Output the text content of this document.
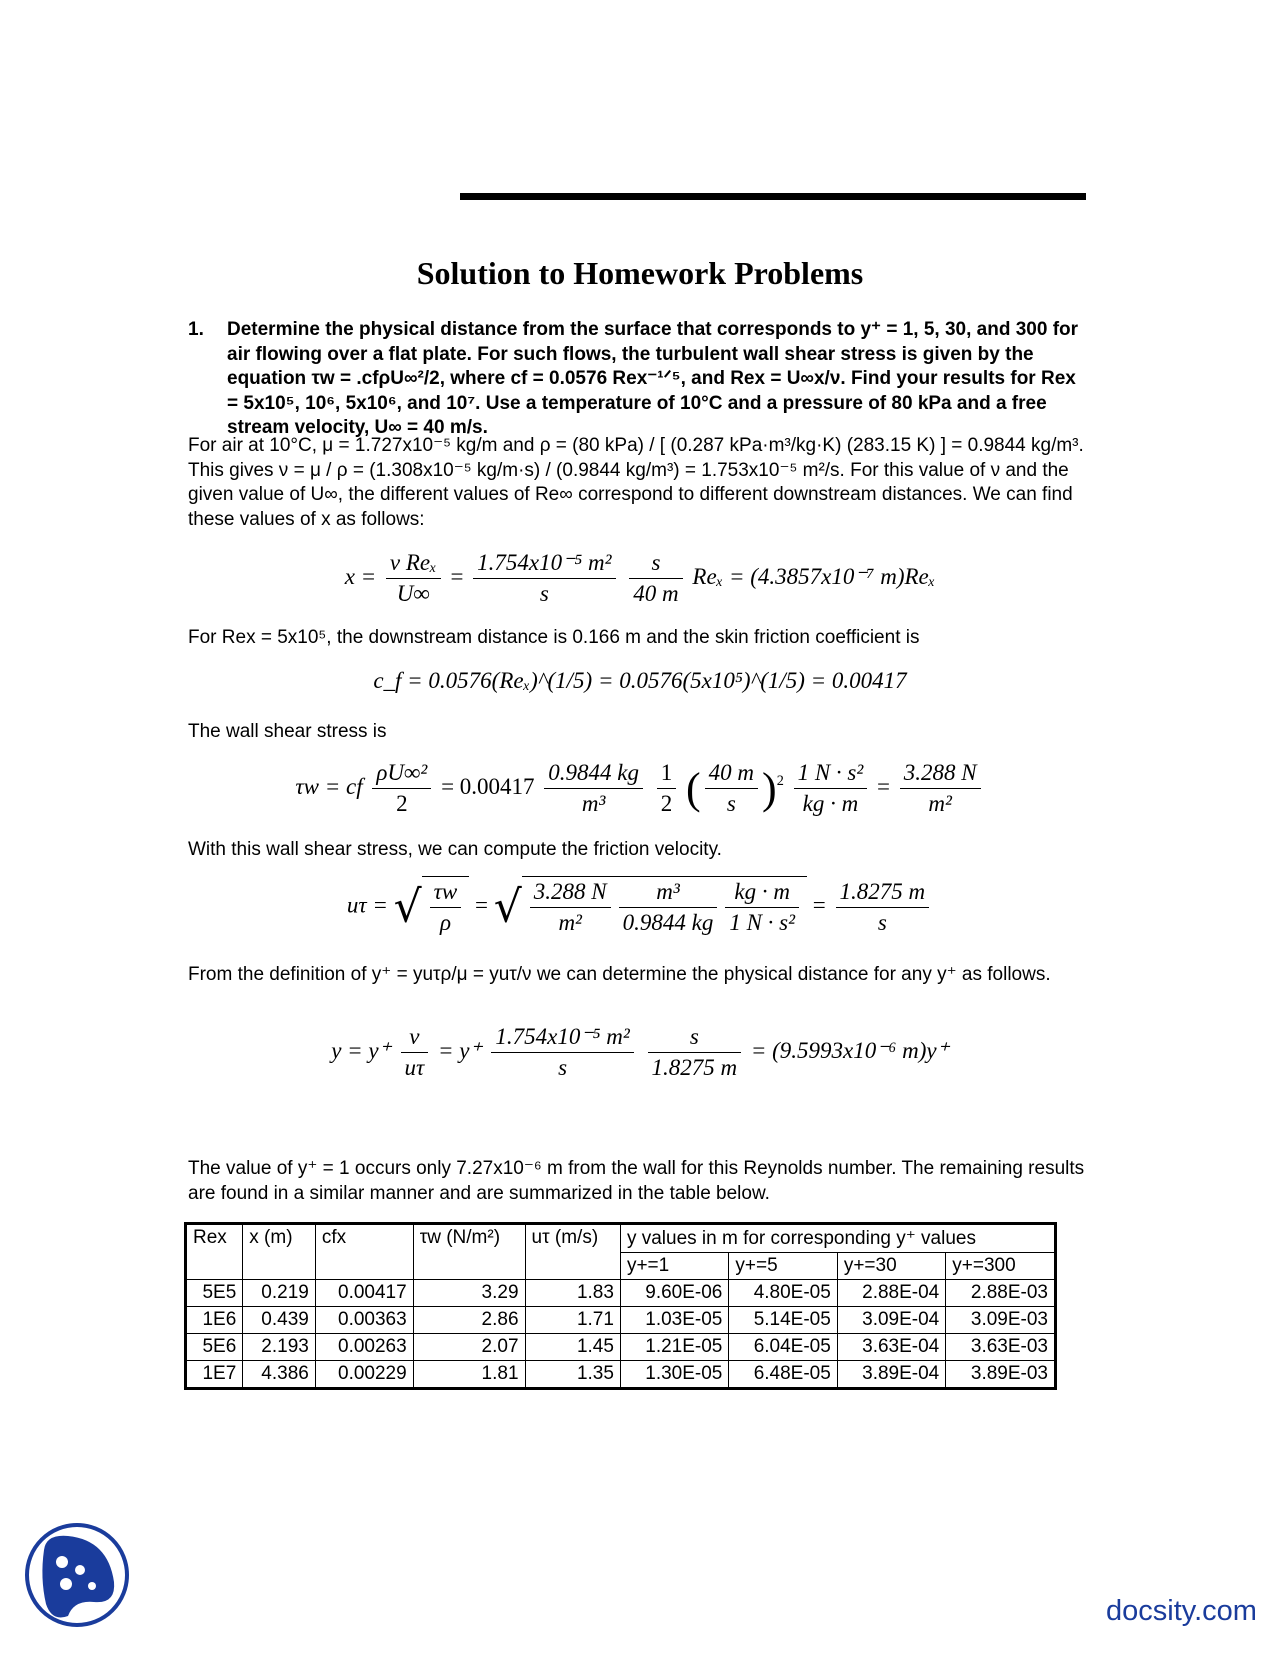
Solution to Homework Problems
1. Determine the physical distance from the surface that corresponds to y⁺ = 1, 5, 30, and 300 for air flowing over a flat plate. For such flows, the turbulent wall shear stress is given by the equation τw = .cfρU∞²/2, where cf = 0.0576 Rex⁻¹ᐟ⁵, and Rex = U∞x/ν. Find your results for Rex = 5x10⁵, 10⁶, 5x10⁶, and 10⁷. Use a temperature of 10°C and a pressure of 80 kPa and a free stream velocity, U∞ = 40 m/s.
For air at 10°C, μ = 1.727x10⁻⁵ kg/m and ρ = (80 kPa) / [ (0.287 kPa·m³/kg·K) (283.15 K) ] = 0.9844 kg/m³. This gives ν = μ / ρ = (1.308x10⁻⁵ kg/m·s) / (0.9844 kg/m³) = 1.753x10⁻⁵ m²/s. For this value of ν and the given value of U∞, the different values of Re∞ correspond to different downstream distances. We can find these values of x as follows:
$x = \frac{\text{ν Reₓ}}{U\infty} = \frac{\text{1.754x10⁻⁵ m²}}{s}$
$\frac{s}{40 m}$ Reₓ = (4.3857x10⁻⁷ m)Reₓ
For Rex = 5x10⁵, the downstream distance is 0.166 m and the skin friction coefficient is
c_f = 0.0576(Reₓ)^(1/5) = 0.0576(5x10⁵)^(1/5) = 0.00417
The wall shear stress is
τw = cf $\frac{\text{ρU∞²}}{2} = 0.00417 \frac{0.9844 kg}{\text{m³}}$
$\frac{1}{2}$ ( $\frac{40 m}{s} )^2 \frac{\text{1 N · s²}}{kg \cdot m} = \frac{3.288 N}{\text{m²}}$
With this wall shear stress, we can compute the friction velocity.
uτ = √ $\frac{\tau w}{\rho}$ = √ $\frac{3.288 N}{\text{m²}} \frac{\text{m³}}{0.9844 kg} \frac{kg \cdot m}{\text{1 N · s²}} = \frac{1.8275 m}{s}$
From the definition of y⁺ = yuτρ/μ = yuτ/ν we can determine the physical distance for any y⁺ as follows.
$y = y^+ \frac{\nu}{u\tau} = y^+ \frac{\text{1.754x10⁻⁵ m²}}{s}$
$\frac{s}{1.8275 m} = (9.5993x10^{-6}$ m)y⁺
The value of y⁺ = 1 occurs only 7.27x10⁻⁶ m from the wall for this Reynolds number. The remaining results are found in a similar manner and are summarized in the table below.
Rex	x (m)	cfx	τw (N/m²)	uτ (m/s)	y values in m for corresponding y⁺ values			
					y+=1	y+=5	y+=30	y+=300
5E5	0.219	0.00417	3.29	1.83	9.60E-06	4.80E-05	2.88E-04	2.88E-03
1E6	0.439	0.00363	2.86	1.71	1.03E-05	5.14E-05	3.09E-04	3.09E-03
5E6	2.193	0.00263	2.07	1.45	1.21E-05	6.04E-05	3.63E-04	3.63E-03
1E7	4.386	0.00229	1.81	1.35	1.30E-05	6.48E-05	3.89E-04	3.89E-03
docsity.com
